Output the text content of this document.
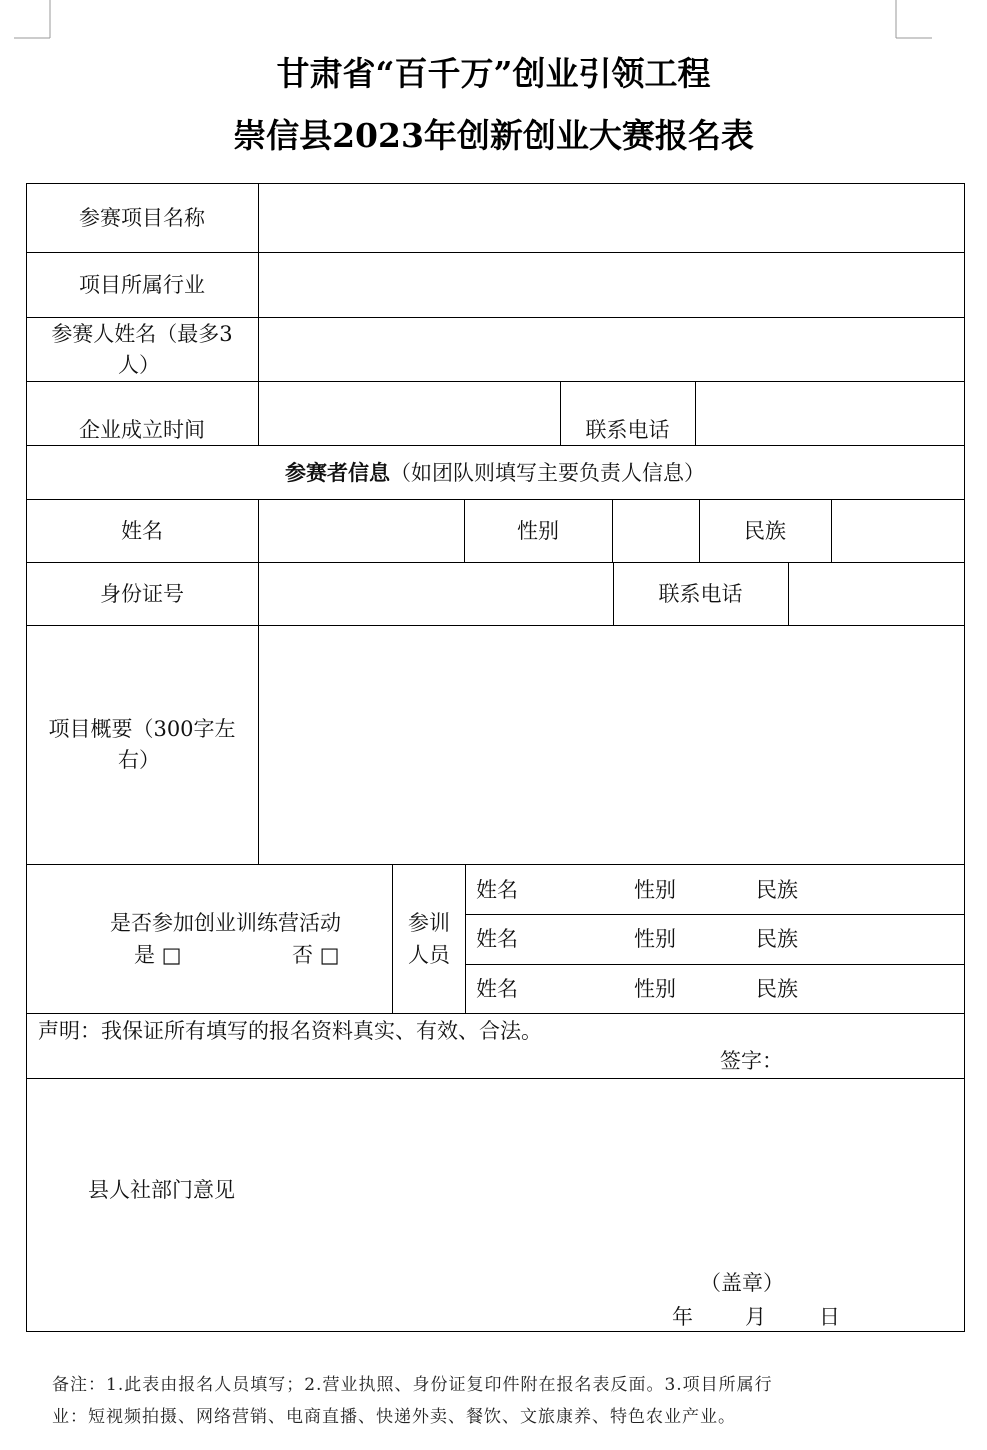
甘肃省“百千万”创业引领工程
崇信县2023年创新创业大赛报名表
参赛项目名称
项目所属行业
参赛人姓名（最多3
人）
企业成立时间	联系电话
参赛者信息（如团队则填写主要负责人信息）
姓名	性别	民族
身份证号	联系电话
项目概要（300字左
右）
是否参加创业训练营活动
是 □	否 □
参训
人员
姓名	性别	民族
姓名	性别	民族
姓名	性别	民族
声明：我保证所有填写的报名资料真实、有效、合法。
签字：
县人社部门意见
（盖章）
年 月	日
备注：1.此表由报名人员填写；2.营业执照、身份证复印件附在报名表反面。3.项目所属行
业：短视频拍摄、网络营销、电商直播、快递外卖、餐饮、文旅康养、特色农业产业。
